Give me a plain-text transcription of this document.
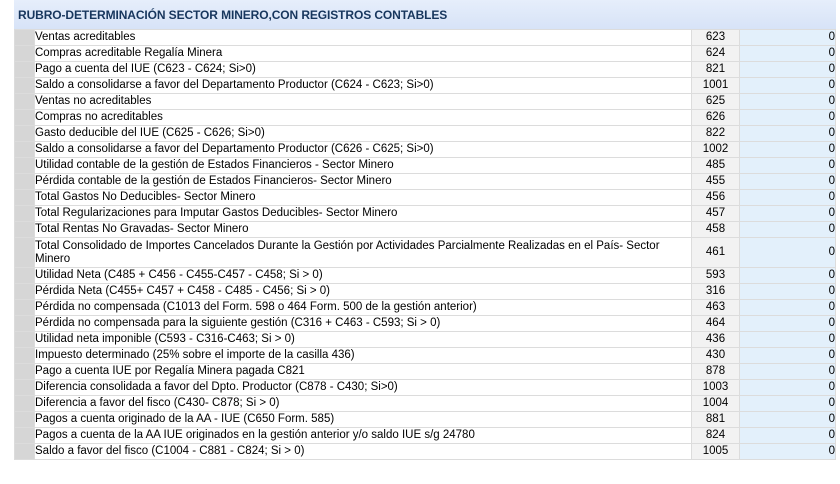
RUBRO-DETERMINACIÓN SECTOR MINERO,CON REGISTROS CONTABLES
	Ventas acreditables	623	0
	Compras acreditable Regalía Minera	624	0
	Pago a cuenta del IUE (C623 - C624; Si>0)	821	0
	Saldo a consolidarse a favor del Departamento Productor (C624 - C623; Si>0)	1001	0
	Ventas no acreditables	625	0
	Compras no acreditables	626	0
	Gasto deducible del IUE (C625 - C626; Si>0)	822	0
	Saldo a consolidarse a favor del Departamento Productor (C626 - C625; Si>0)	1002	0
	Utilidad contable de la gestión de Estados Financieros - Sector Minero	485	0
	Pérdida contable de la gestión de Estados Financieros- Sector Minero	455	0
	Total Gastos No Deducibles- Sector Minero	456	0
	Total Regularizaciones para Imputar Gastos Deducibles- Sector Minero	457	0
	Total Rentas No Gravadas- Sector Minero	458	0
	Total Consolidado de Importes Cancelados Durante la Gestión por Actividades Parcialmente Realizadas en el País- Sector Minero	461	0
	Utilidad Neta (C485 + C456 - C455-C457 - C458; Si > 0)	593	0
	Pérdida Neta (C455+ C457 + C458 - C485 - C456; Si > 0)	316	0
	Pérdida no compensada (C1013 del Form. 598 o 464 Form. 500 de la gestión anterior)	463	0
	Pérdida no compensada para la siguiente gestión (C316 + C463 - C593; Si > 0)	464	0
	Utilidad neta imponible (C593 - C316-C463; Si > 0)	436	0
	Impuesto determinado (25% sobre el importe de la casilla 436)	430	0
	Pago a cuenta IUE por Regalía Minera pagada C821	878	0
	Diferencia consolidada a favor del Dpto. Productor (C878 - C430; Si>0)	1003	0
	Diferencia a favor del fisco (C430- C878; Si > 0)	1004	0
	Pagos a cuenta originado de la AA - IUE (C650 Form. 585)	881	0
	Pagos a cuenta de la AA IUE originados en la gestión anterior y/o saldo IUE s/g 24780	824	0
	Saldo a favor del fisco (C1004 - C881 - C824; Si > 0)	1005	0
